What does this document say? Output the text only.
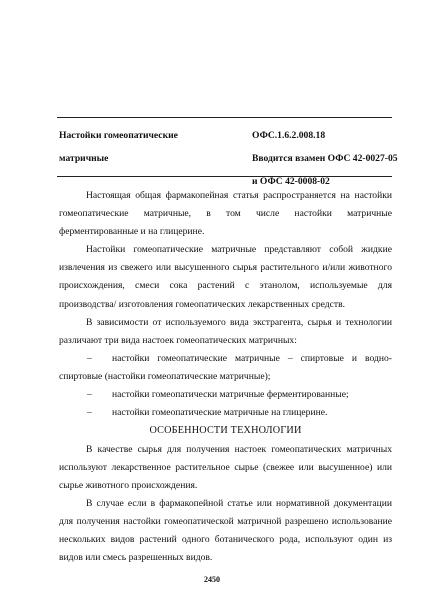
Настойки гомеопатические
матричные
ОФС.1.6.2.008.18
Вводится взамен ОФС 42-0027-05
и ОФС 42-0008-02

Настоящая общая фармакопейная статья распространяется на настойки гомеопатические матричные, в том числе настойки матричные ферментированные и на глицерине.

Настойки гомеопатические матричные представляют собой жидкие извлечения из свежего или высушенного сырья растительного и/или животного происхождения, смеси сока растений с этанолом, используемые для производства/ изготовления гомеопатических лекарственных средств.

В зависимости от используемого вида экстрагента, сырья и технологии различают три вида настоек гомеопатических матричных:

– настойки гомеопатические матричные – спиртовые и водно-спиртовые (настойки гомеопатические матричные);

– настойки гомеопатически матричные ферментированные;

– настойки гомеопатические матричные на глицерине.

ОСОБЕННОСТИ ТЕХНОЛОГИИ

В качестве сырья для получения настоек гомеопатических матричных используют лекарственное растительное сырье (свежее или высушенное) или сырье животного происхождения.

В случае если в фармакопейной статье или нормативной документации для получения настойки гомеопатической матричной разрешено использование нескольких видов растений одного ботанического рода, используют один из видов или смесь разрешенных видов.

2450
